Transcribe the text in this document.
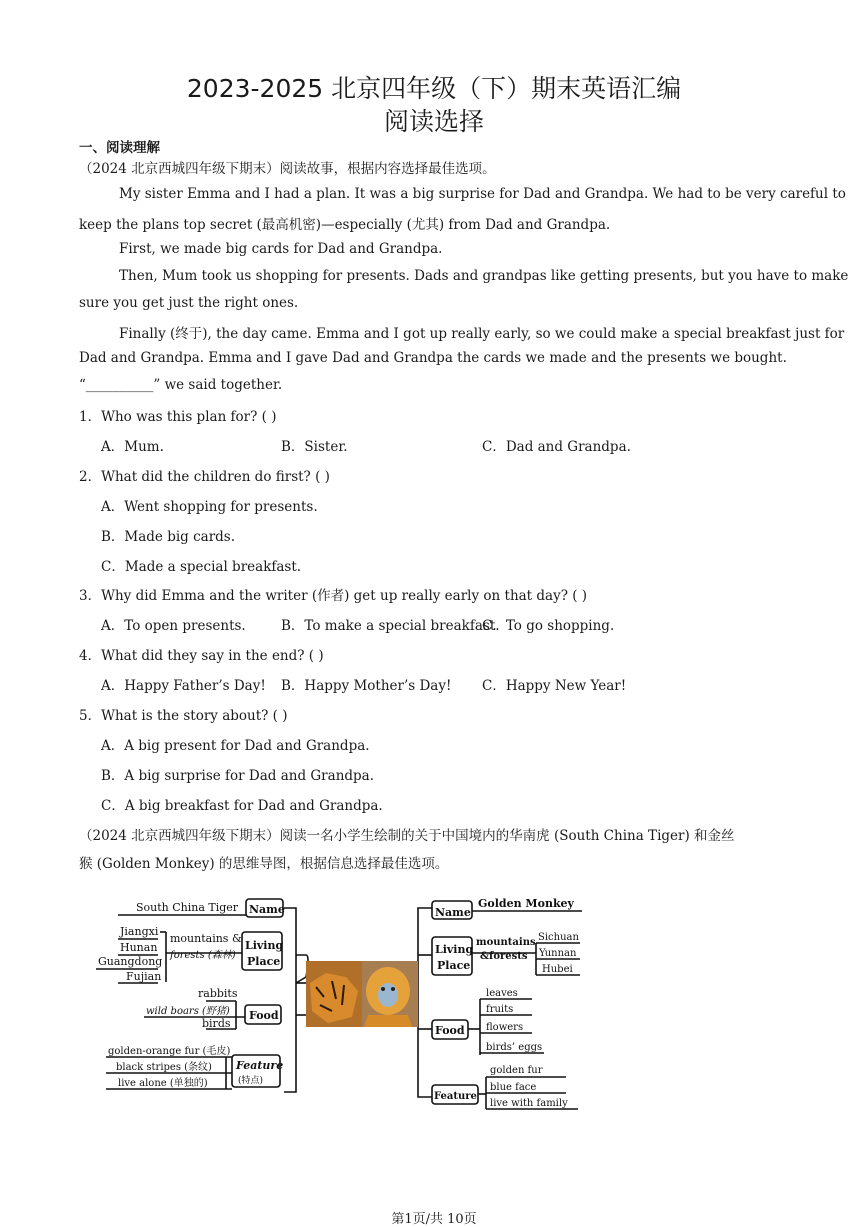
2023-2025 北京四年级（下）期末英语汇编
阅读选择
一、阅读理解
（2024 北京西城四年级下期末）阅读故事，根据内容选择最佳选项。
My sister Emma and I had a plan. It was a big surprise for Dad and Grandpa. We had to be very careful to
keep the plans top secret (最高机密)—especially (尤其) from Dad and Grandpa.
First, we made big cards for Dad and Grandpa.
Then, Mum took us shopping for presents. Dads and grandpas like getting presents, but you have to make
sure you get just the right ones.
Finally (终于), the day came. Emma and I got up really early, so we could make a special breakfast just for
Dad and Grandpa. Emma and I gave Dad and Grandpa the cards we made and the presents we bought.
“__________” we said together.
1．Who was this plan for? ( )
A．Mum.	B．Sister.	C．Dad and Grandpa.
2．What did the children do first? ( )
A．Went shopping for presents.
B．Made big cards.
C．Made a special breakfast.
3．Why did Emma and the writer (作者) get up really early on that day? ( )
A．To open presents.	B．To make a special breakfast.
C．To go shopping.
4．What did they say in the end? ( )
A．Happy Father’s Day! B．Happy Mother’s Day! C．Happy New Year!
5．What is the story about? ( )
A．A big present for Dad and Grandpa.
B．A big surprise for Dad and Grandpa.
C．A big breakfast for Dad and Grandpa.
（2024 北京西城四年级下期末）阅读一名小学生绘制的关于中国境内的华南虎 (South China Tiger) 和金丝
猴 (Golden Monkey) 的思维导图，根据信息选择最佳选项。
South China Tiger Name
Jiangxi
Hunan
Guangdong
Fujian
mountains &
forests (森林)
Living
Place
rabbits
wild boars (野猪)
birds
Food
golden-orange fur (毛皮)
black stripes (条纹)
live alone (单独的)
Feature
(特点)
Name
Golden Monkey
Living
Place
mountains
&forests
Sichuan
Yunnan
Hubei
Food
leaves
fruits
flowers
birds’ eggs
Feature
golden fur
blue face
live with family
第1页/共 10页
